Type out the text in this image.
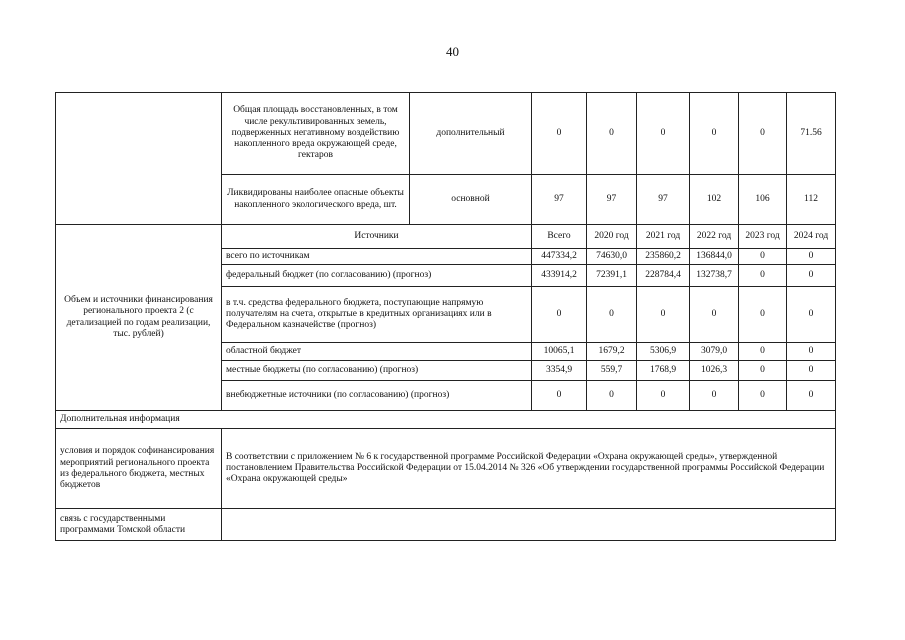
40
	Общая площадь восстановленных, в том числе рекультивированных земель, подверженных негативному воздействию накопленного вреда окружающей среде, гектаров	дополнительный	0	0	0	0	0	71.56
	Ликвидированы наиболее опасные объекты накопленного экологического вреда, шт.	основной	97	97	97	102	106	112
Объем и источники финансирования регионального проекта 2 (с детализацией по годам реализации, тыс. рублей)	Источники		Всего	2020 год	2021 год	2022 год	2023 год	2024 год
	всего по источникам		447334,2	74630,0	235860,2	136844,0	0	0
	федеральный бюджет (по согласованию) (прогноз)		433914,2	72391,1	228784,4	132738,7	0	0
	в т.ч. средства федерального бюджета, поступающие напрямую получателям на счета, открытые в кредитных организациях или в Федеральном казначействе (прогноз)		0	0	0	0	0	0
	областной бюджет		10065,1	1679,2	5306,9	3079,0	0	0
	местные бюджеты (по согласованию) (прогноз)		3354,9	559,7	1768,9	1026,3	0	0
	внебюджетные источники (по согласованию) (прогноз)		0	0	0	0	0	0
Дополнительная информация								
условия и порядок софинансирования мероприятий регионального проекта из федерального бюджета, местных бюджетов	В соответствии с приложением № 6 к государственной программе Российской Федерации «Охрана окружающей среды», утвержденной постановлением Правительства Российской Федерации от 15.04.2014 № 326 «Об утверждении государственной программы Российской Федерации «Охрана окружающей среды»							
связь с государственными программами Томской области								
